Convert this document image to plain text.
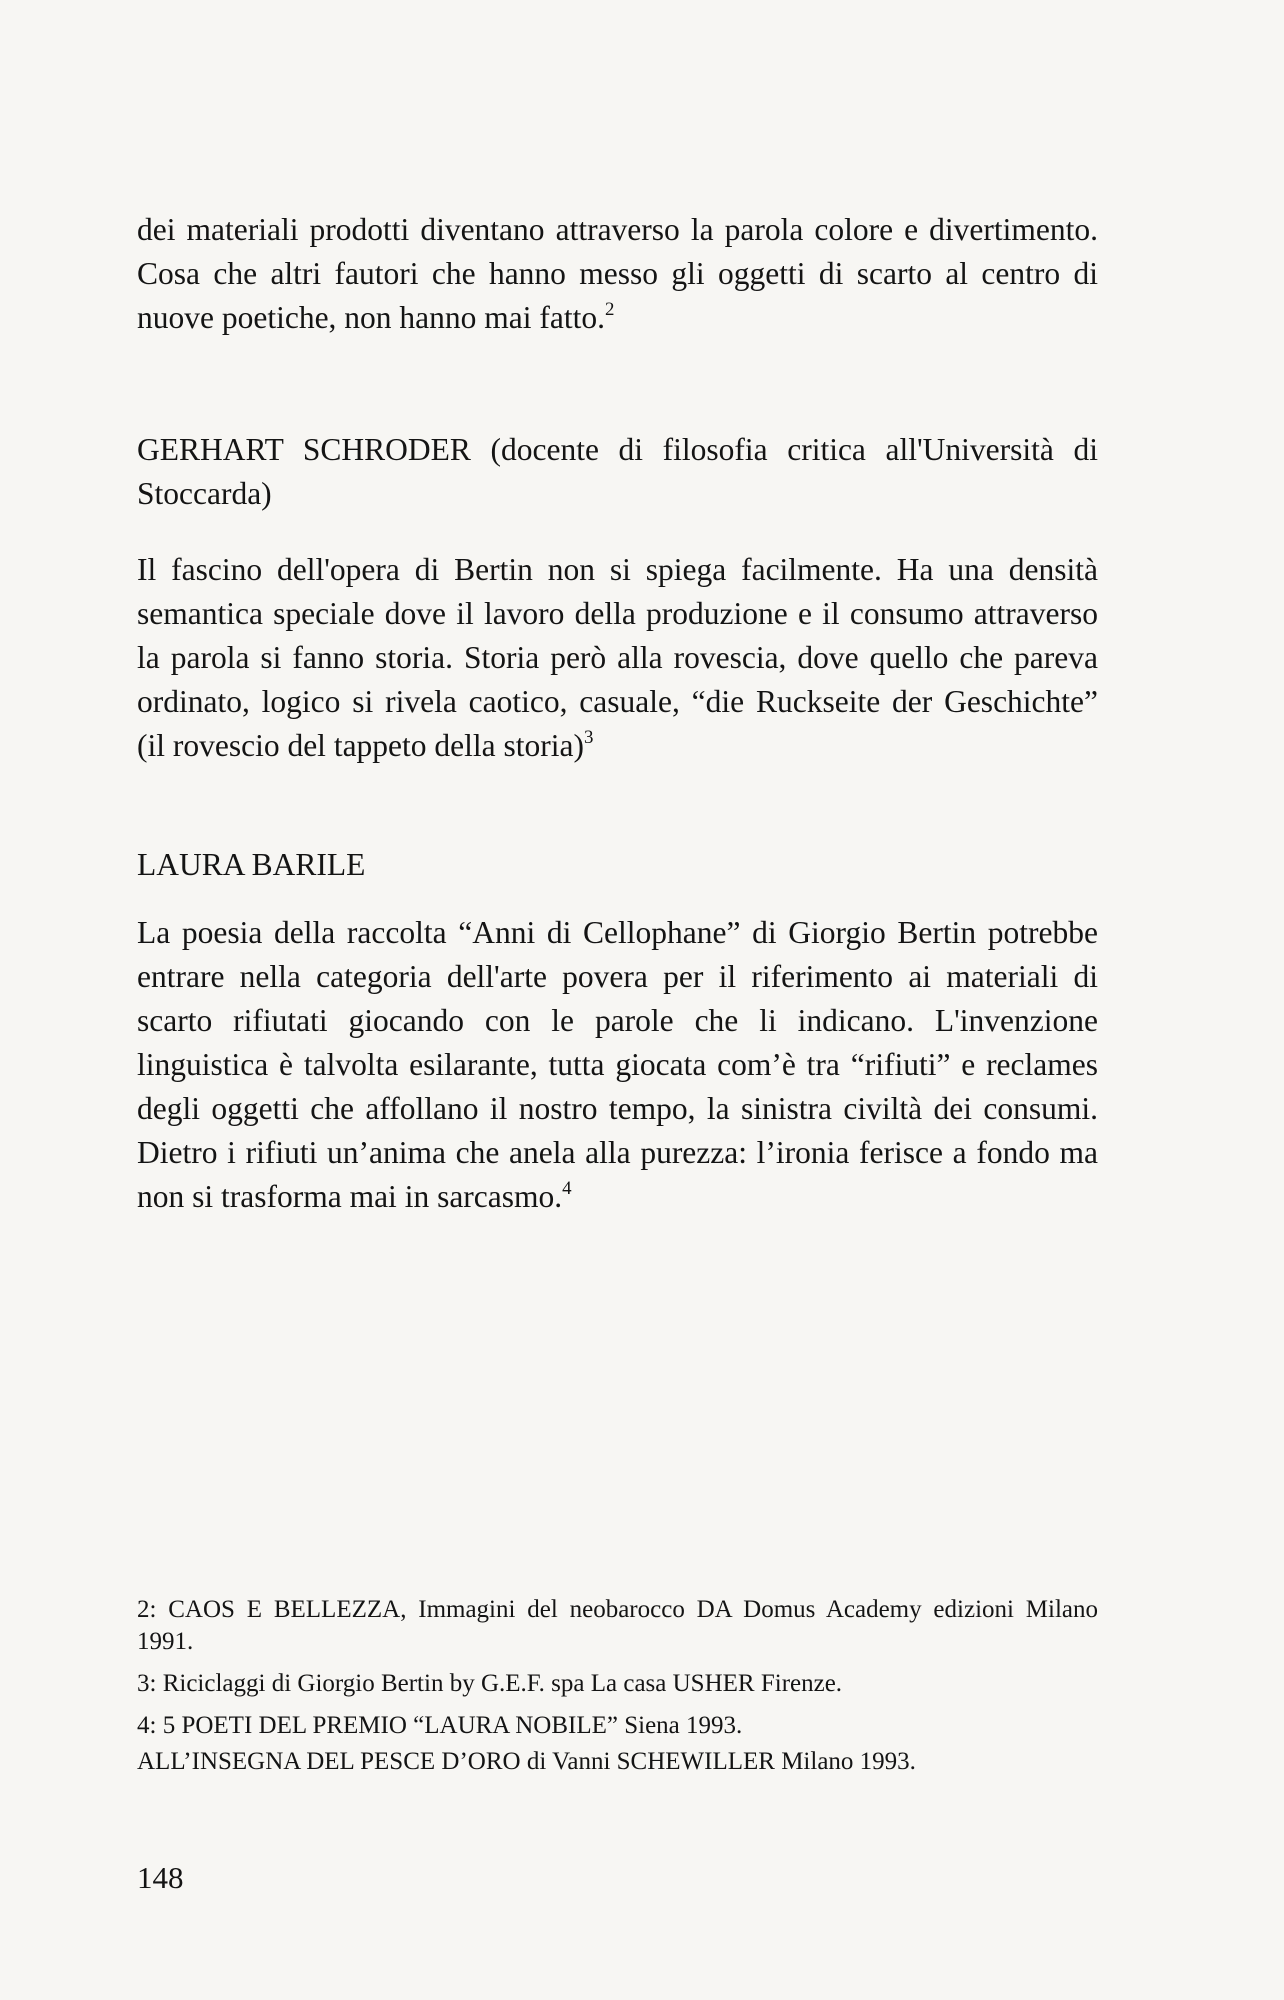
dei materiali prodotti diventano attraverso la parola colore e divertimento. Cosa che altri fautori che hanno messo gli oggetti di scarto al centro di nuove poetiche, non hanno mai fatto.$^2$

GERHART SCHRODER (docente di filosofia critica all'Università di Stoccarda)

Il fascino dell'opera di Bertin non si spiega facilmente. Ha una densità semantica speciale dove il lavoro della produzione e il consumo attraverso la parola si fanno storia. Storia però alla rovescia, dove quello che pareva ordinato, logico si rivela caotico, casuale, “die Ruckseite der Geschichte” (il rovescio del tappeto della storia)$^3$

LAURA BARILE

La poesia della raccolta “Anni di Cellophane” di Giorgio Bertin potrebbe entrare nella categoria dell'arte povera per il riferimento ai materiali di scarto rifiutati giocando con le parole che li indicano. L'invenzione linguistica è talvolta esilarante, tutta giocata com’è tra “rifiuti” e reclames degli oggetti che affollano il nostro tempo, la sinistra civiltà dei consumi. Dietro i rifiuti un’anima che anela alla purezza: l’ironia ferisce a fondo ma non si trasforma mai in sarcasmo.$^4$

2: CAOS E BELLEZZA, Immagini del neobarocco DA Domus Academy edizioni Milano 1991.

3: Riciclaggi di Giorgio Bertin by G.E.F. spa La casa USHER Firenze.

4: 5 POETI DEL PREMIO “LAURA NOBILE” Siena 1993.

ALL’INSEGNA DEL PESCE D’ORO di Vanni SCHEWILLER Milano 1993.

148
